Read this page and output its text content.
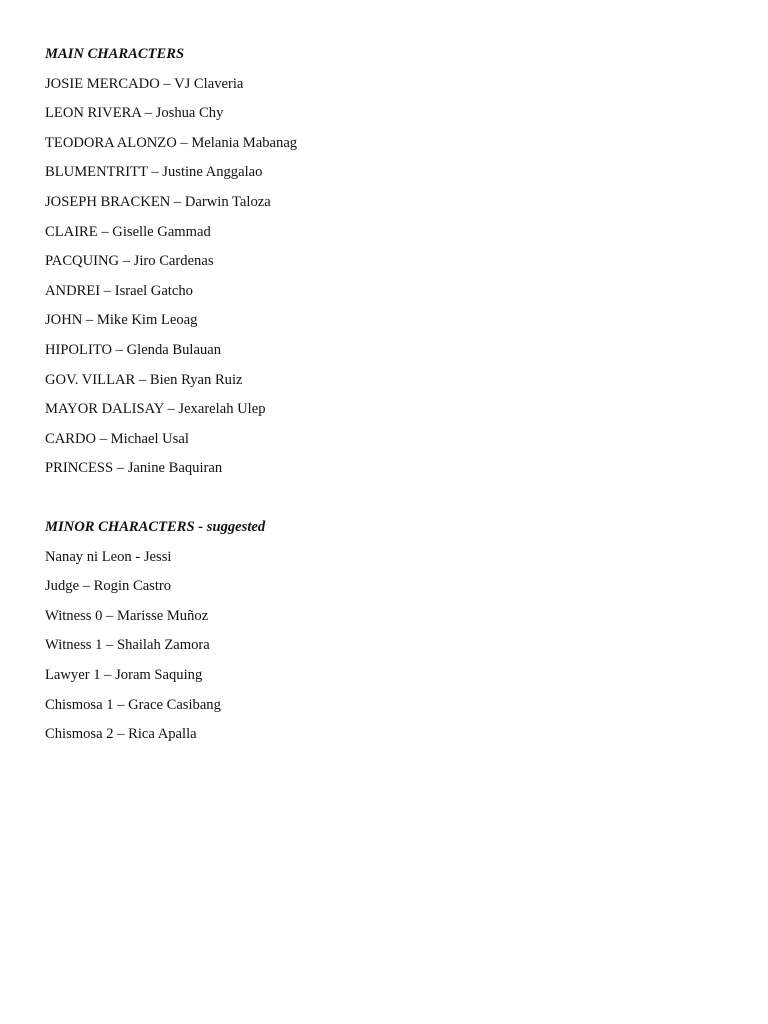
MAIN CHARACTERS
JOSIE MERCADO – VJ Claveria
LEON RIVERA – Joshua Chy
TEODORA ALONZO – Melania Mabanag
BLUMENTRITT – Justine Anggalao
JOSEPH BRACKEN – Darwin Taloza
CLAIRE – Giselle Gammad
PACQUING – Jiro Cardenas
ANDREI – Israel Gatcho
JOHN – Mike Kim Leoag
HIPOLITO – Glenda Bulauan
GOV. VILLAR – Bien Ryan Ruiz
MAYOR DALISAY – Jexarelah Ulep
CARDO – Michael Usal
PRINCESS – Janine Baquiran
MINOR CHARACTERS - suggested
Nanay ni Leon - Jessi
Judge – Rogin Castro
Witness 0 – Marisse Muñoz
Witness 1 – Shailah Zamora
Lawyer 1 – Joram Saquing
Chismosa 1 – Grace Casibang
Chismosa 2 – Rica Apalla
